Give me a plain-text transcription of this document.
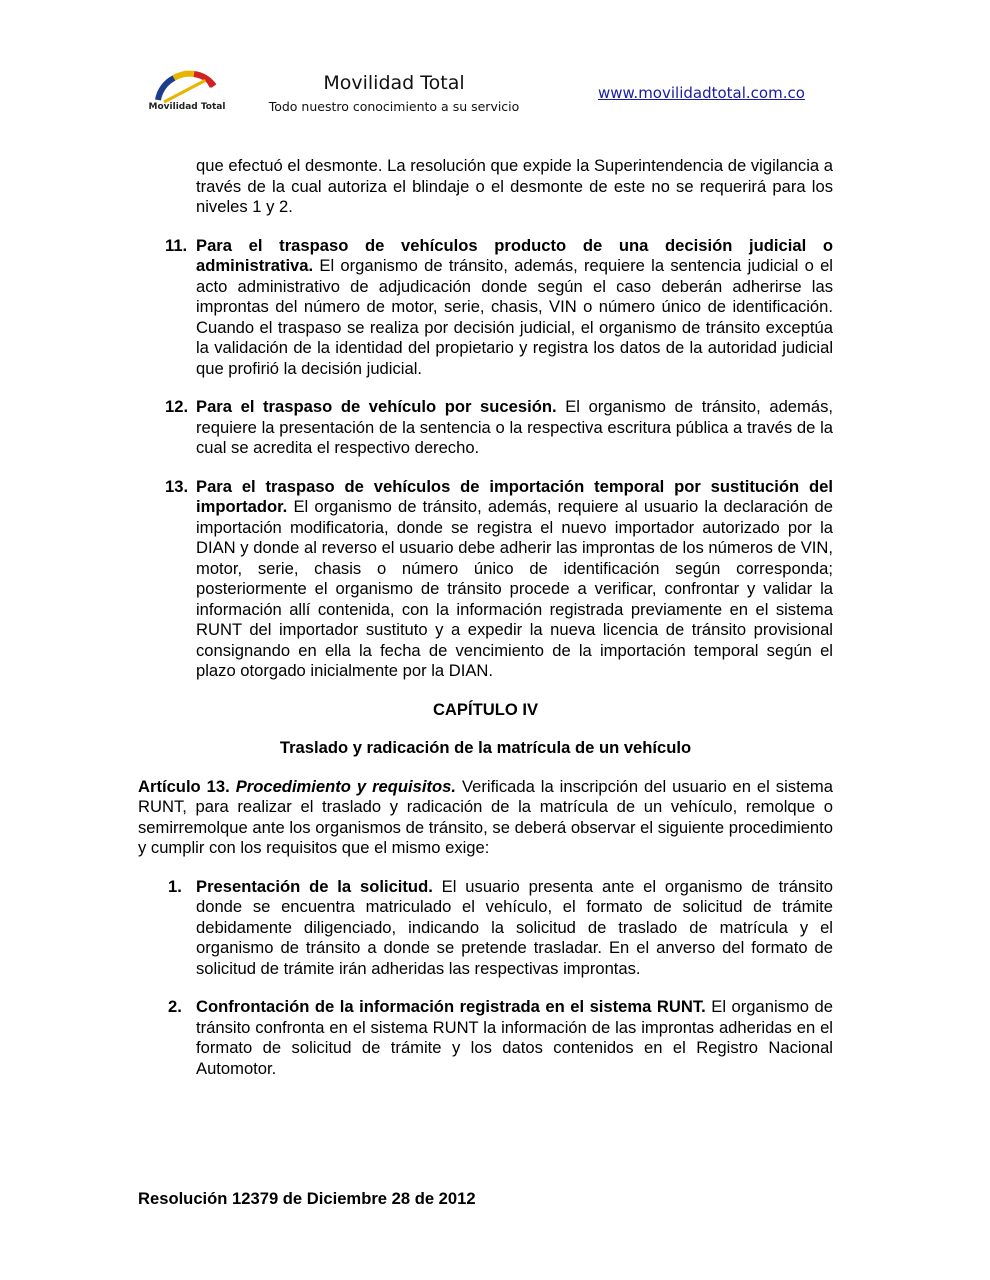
Movilidad Total
Movilidad Total
Todo nuestro conocimiento a su servicio
www.movilidadtotal.com.co

que efectuó el desmonte. La resolución que expide la Superintendencia de vigilancia a través de la cual autoriza el blindaje o el desmonte de este no se requerirá para los niveles 1 y 2.

11. Para el traspaso de vehículos producto de una decisión judicial o administrativa. El organismo de tránsito, además, requiere la sentencia judicial o el acto administrativo de adjudicación donde según el caso deberán adherirse las improntas del número de motor, serie, chasis, VIN o número único de identificación. Cuando el traspaso se realiza por decisión judicial, el organismo de tránsito exceptúa la validación de la identidad del propietario y registra los datos de la autoridad judicial que profirió la decisión judicial.

12. Para el traspaso de vehículo por sucesión. El organismo de tránsito, además, requiere la presentación de la sentencia o la respectiva escritura pública a través de la cual se acredita el respectivo derecho.

13. Para el traspaso de vehículos de importación temporal por sustitución del importador. El organismo de tránsito, además, requiere al usuario la declaración de importación modificatoria, donde se registra el nuevo importador autorizado por la DIAN y donde al reverso el usuario debe adherir las improntas de los números de VIN, motor, serie, chasis o número único de identificación según corresponda; posteriormente el organismo de tránsito procede a verificar, confrontar y validar la información allí contenida, con la información registrada previamente en el sistema RUNT del importador sustituto y a expedir la nueva licencia de tránsito provisional consignando en ella la fecha de vencimiento de la importación temporal según el plazo otorgado inicialmente por la DIAN.

CAPÍTULO IV
Traslado y radicación de la matrícula de un vehículo

Artículo 13. Procedimiento y requisitos. Verificada la inscripción del usuario en el sistema RUNT, para realizar el traslado y radicación de la matrícula de un vehículo, remolque o semirremolque ante los organismos de tránsito, se deberá observar el siguiente procedimiento y cumplir con los requisitos que el mismo exige:

1. Presentación de la solicitud. El usuario presenta ante el organismo de tránsito donde se encuentra matriculado el vehículo, el formato de solicitud de trámite debidamente diligenciado, indicando la solicitud de traslado de matrícula y el organismo de tránsito a donde se pretende trasladar. En el anverso del formato de solicitud de trámite irán adheridas las respectivas improntas.

2. Confrontación de la información registrada en el sistema RUNT. El organismo de tránsito confronta en el sistema RUNT la información de las improntas adheridas en el formato de solicitud de trámite y los datos contenidos en el Registro Nacional Automotor.

Resolución 12379 de Diciembre 28 de 2012
